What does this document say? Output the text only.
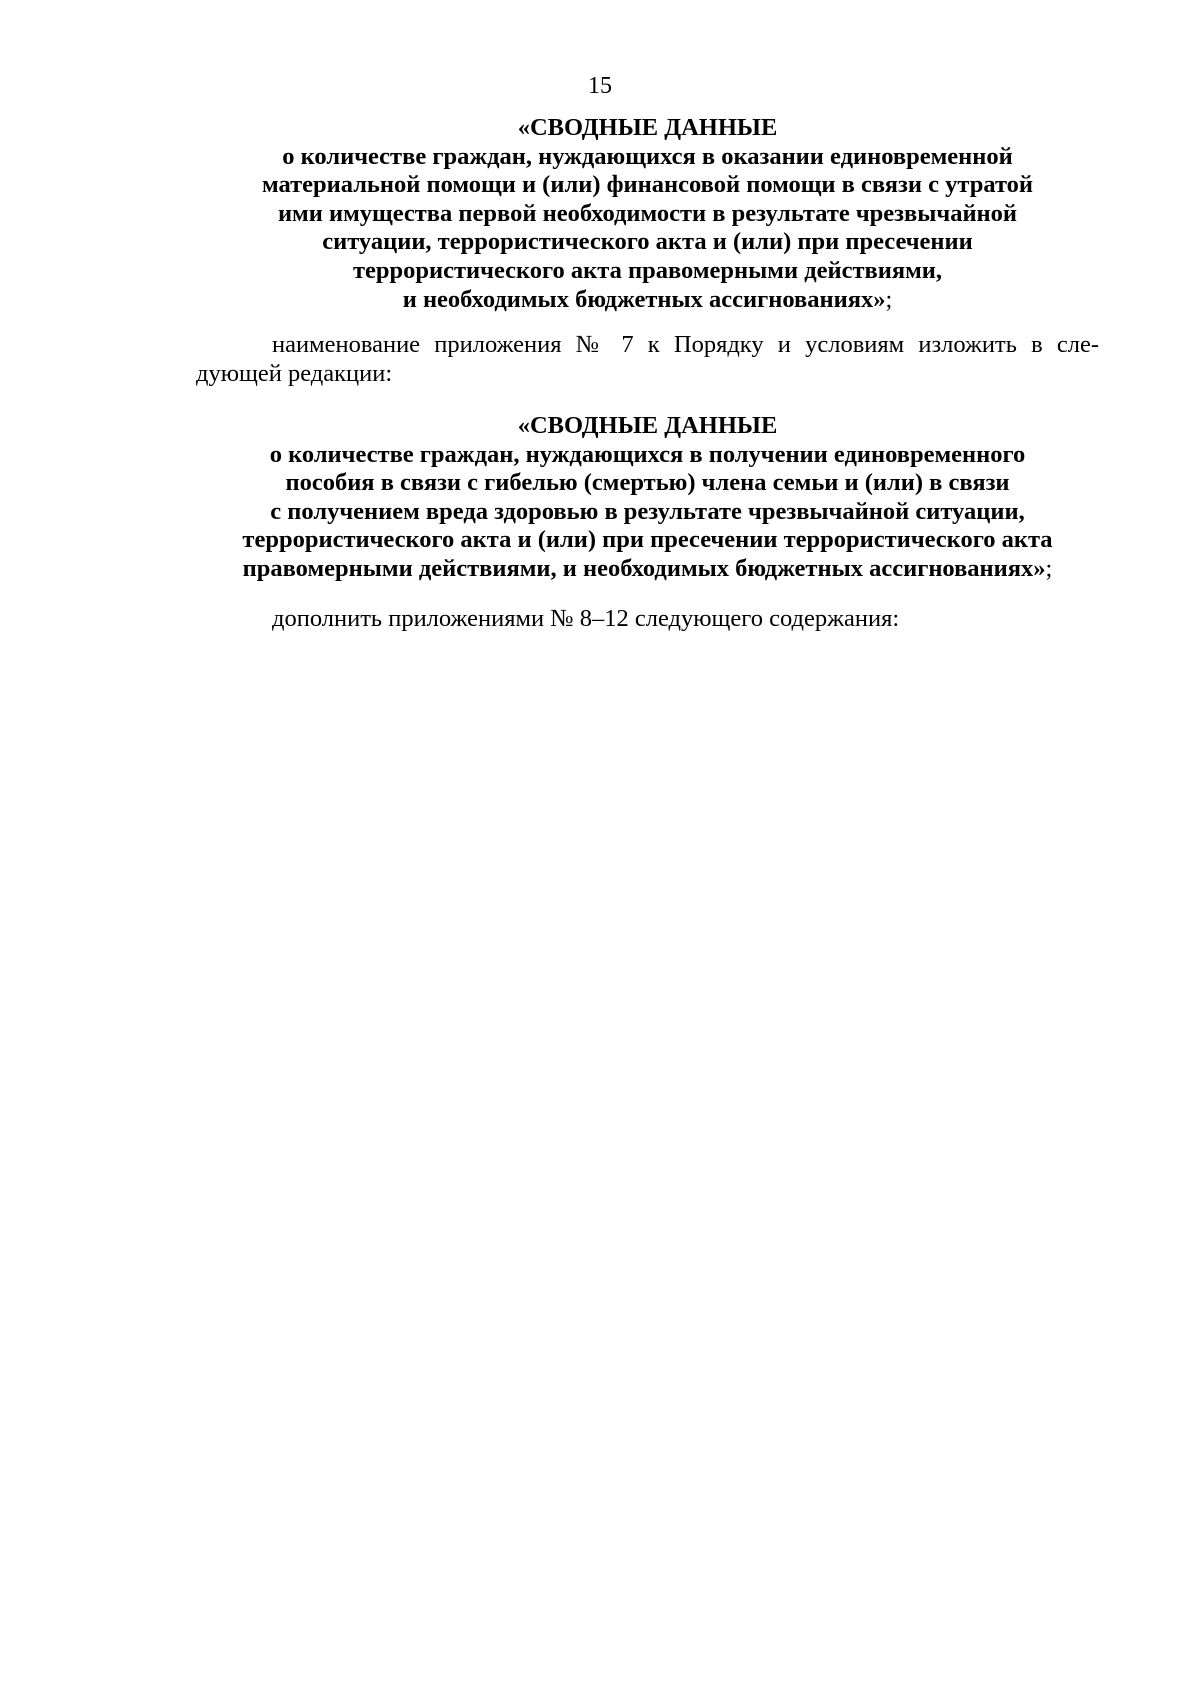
15
«СВОДНЫЕ ДАННЫЕ
о количестве граждан, нуждающихся в оказании единовременной
материальной помощи и (или) финансовой помощи в связи с утратой
ими имущества первой необходимости в результате чрезвычайной
ситуации, террористического акта и (или) при пресечении
террористического акта правомерными действиями,
и необходимых бюджетных ассигнованиях»;
наименование приложения № 7 к Порядку и условиям изложить в сле-
дующей редакции:
«СВОДНЫЕ ДАННЫЕ
о количестве граждан, нуждающихся в получении единовременного
пособия в связи с гибелью (смертью) члена семьи и (или) в связи
с получением вреда здоровью в результате чрезвычайной ситуации,
террористического акта и (или) при пресечении террористического акта
правомерными действиями, и необходимых бюджетных ассигнованиях»;
дополнить приложениями № 8–12 следующего содержания:
